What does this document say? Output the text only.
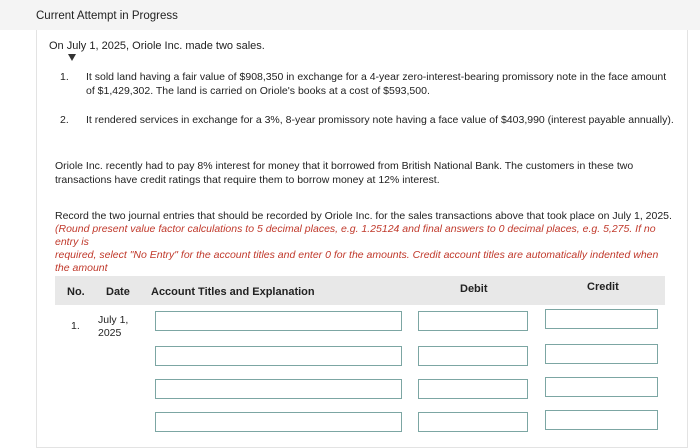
Current Attempt in Progress
On July 1, 2025, Oriole Inc. made two sales.
1. It sold land having a fair value of $908,350 in exchange for a 4-year zero-interest-bearing promissory note in the face amount
of $1,429,302. The land is carried on Oriole's books at a cost of $593,500.
2. It rendered services in exchange for a 3%, 8-year promissory note having a face value of $403,990 (interest payable annually).
Oriole Inc. recently had to pay 8% interest for money that it borrowed from British National Bank. The customers in these two
transactions have credit ratings that require them to borrow money at 12% interest.
Record the two journal entries that should be recorded by Oriole Inc. for the sales transactions above that took place on July 1, 2025.
(Round present value factor calculations to 5 decimal places, e.g. 1.25124 and final answers to 0 decimal places, e.g. 5,275. If no entry is
required, select "No Entry" for the account titles and enter 0 for the amounts. Credit account titles are automatically indented when the amount
No. Date Account Titles and Explanation	Debit	Credit
1. July 1,
2025
